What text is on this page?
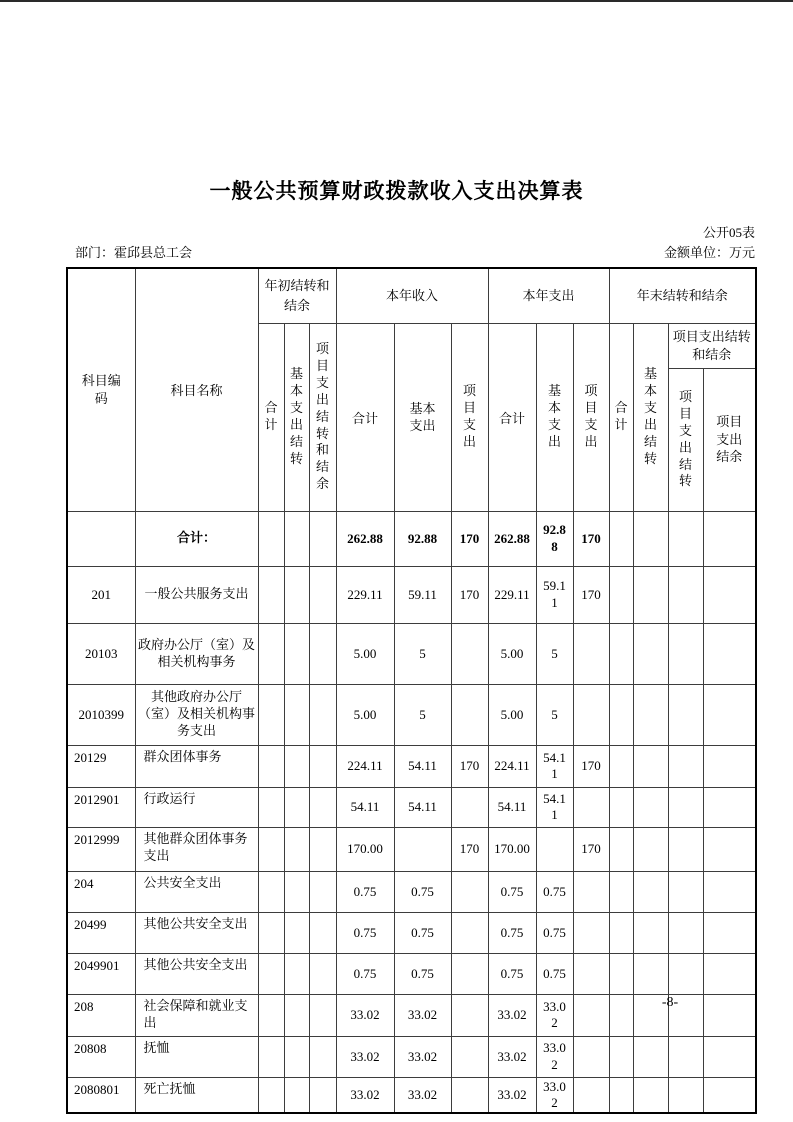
一般公共预算财政拨款收入支出决算表
公开05表
部门：霍邱县总工会	金额单位：万元
科目编码	科目名称	年初结转和结余			本年收入			本年支出			年末结转和结余			
		合计	基本支出结转	项目支出结转和结余	合计	基本支出	项目支出	合计	基本支出	项目支出	合计	基本支出结转	项目支出结转和结余	
													项目支出结转	项目支出结余
	合计：				262.88	92.88	170	262.88	92.88	170				
201	一般公共服务支出				229.11	59.11	170	229.11	59.11	170				
20103	政府办公厅（室）及相关机构事务				5.00	5		5.00	5					
2010399	其他政府办公厅（室）及相关机构事务支出				5.00	5		5.00	5					
20129	群众团体事务				224.11	54.11	170	224.11	54.11	170				
2012901	行政运行				54.11	54.11		54.11	54.11					
2012999	其他群众团体事务支出				170.00		170	170.00		170				
204	公共安全支出				0.75	0.75		0.75	0.75					
20499	其他公共安全支出				0.75	0.75		0.75	0.75					
2049901	其他公共安全支出				0.75	0.75		0.75	0.75					
208	社会保障和就业支出				33.02	33.02		33.02	33.02					
20808	抚恤				33.02	33.02		33.02	33.02					
2080801	死亡抚恤				33.02	33.02		33.02	33.02					
-8-
